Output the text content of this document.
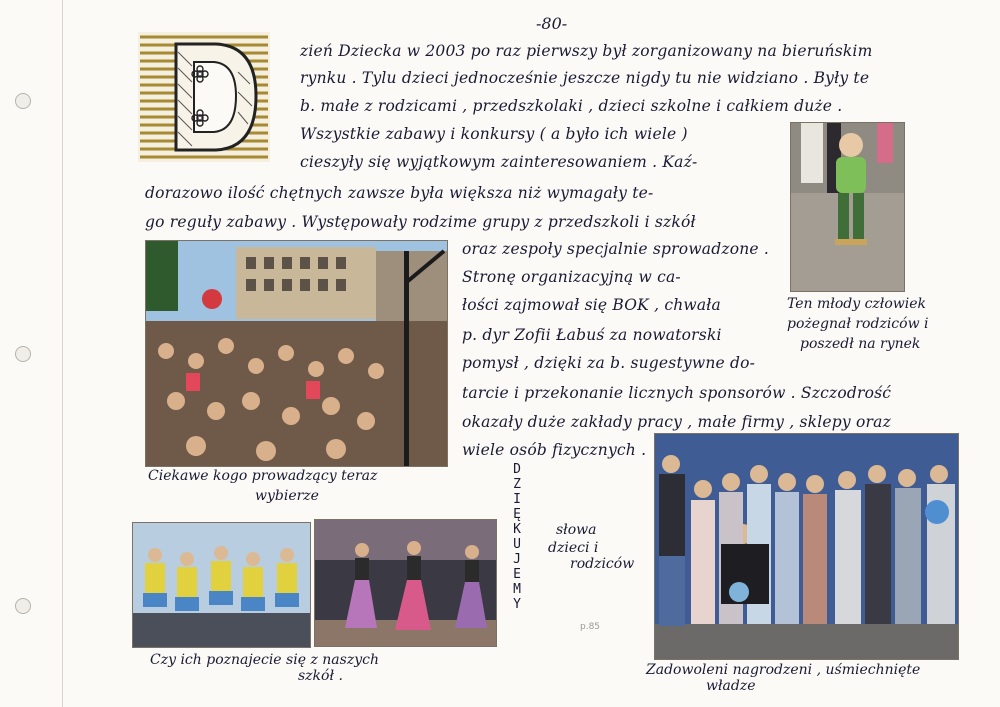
-80-
zień Dziecka w 2003 po raz pierwszy był zorganizowany na bieruńskim
rynku . Tylu dzieci jednocześnie jeszcze nigdy tu nie widziano . Były te
b. małe z rodzicami , przedszkolaki , dzieci szkolne i całkiem duże .
Wszystkie zabawy i konkursy ( a było ich wiele )
cieszyły się wyjątkowym zainteresowaniem . Kaź-
dorazowo ilość chętnych zawsze była większa niż wymagały te-
go reguły zabawy . Występowały rodzime grupy z przedszkoli i szkół
oraz zespoły specjalnie sprowadzone .
Stronę organizacyjną w ca-
łości zajmował się BOK , chwała
p. dyr Zofii Łabuś za nowatorski
pomysł , dzięki za b. sugestywne do-
tarcie i przekonanie licznych sponsorów . Szczodrość
okazały duże zakłady pracy , małe firmy , sklepy oraz
wiele osób fizycznych .
Ciekawe kogo prowadzący teraz
wybierze
Ten młody człowiek
pożegnał rodziców i
poszedł na rynek
Czy ich poznajecie się z naszych
szkół .
D
Z
I
Ę
K
U
J
E
M
Y
słowa
dzieci i
rodziców
p.85
Zadowoleni nagrodzeni , uśmiechnięte
władze
